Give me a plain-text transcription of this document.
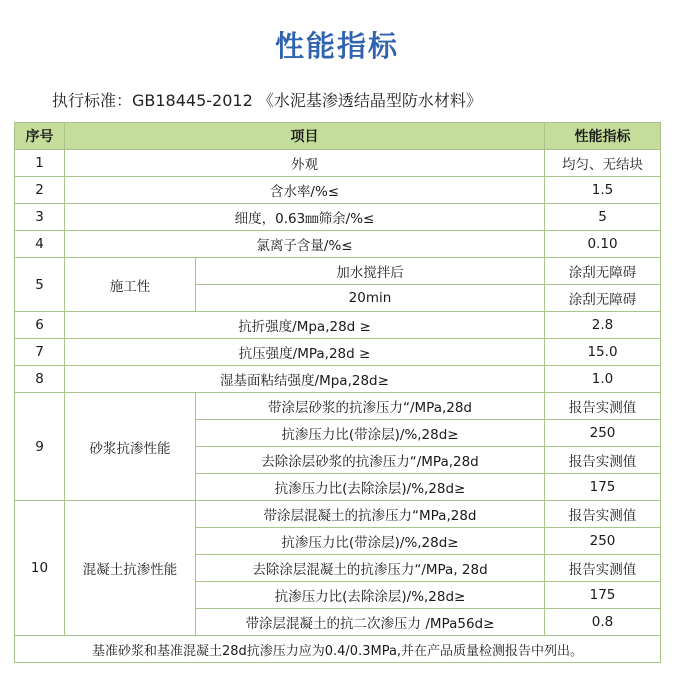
性能指标
执行标准：GB18445-2012 《水泥基渗透结晶型防水材料》
序号	项目		性能指标
1	外观		均匀、无结块
2	含水率/%≤		1.5
3	细度，0.63㎜筛余/%≤		5
4	氯离子含量/%≤		0.10
5	施工性	加水搅拌后	涂刮无障碍
		20min	涂刮无障碍
6	抗折强度/Mpa,28d ≥		2.8
7	抗压强度/MPa,28d ≥		15.0
8	湿基面粘结强度/Mpa,28d≥		1.0
9	砂浆抗渗性能	带涂层砂浆的抗渗压力“/MPa,28d	报告实测值
		抗渗压力比(带涂层)/%,28d≥	250
		去除涂层砂浆的抗渗压力“/MPa,28d	报告实测值
		抗渗压力比(去除涂层)/%,28d≥	175
10	混凝土抗渗性能	带涂层混凝土的抗渗压力“MPa,28d	报告实测值
		抗渗压力比(带涂层)/%,28d≥	250
		去除涂层混凝土的抗渗压力“/MPa, 28d	报告实测值
		抗渗压力比(去除涂层)/%,28d≥	175
		带涂层混凝土的抗二次渗压力 /MPa56d≥	0.8
基准砂浆和基准混凝土28d抗渗压力应为0.4/0.3MPa,并在产品质量检测报告中列出。			
